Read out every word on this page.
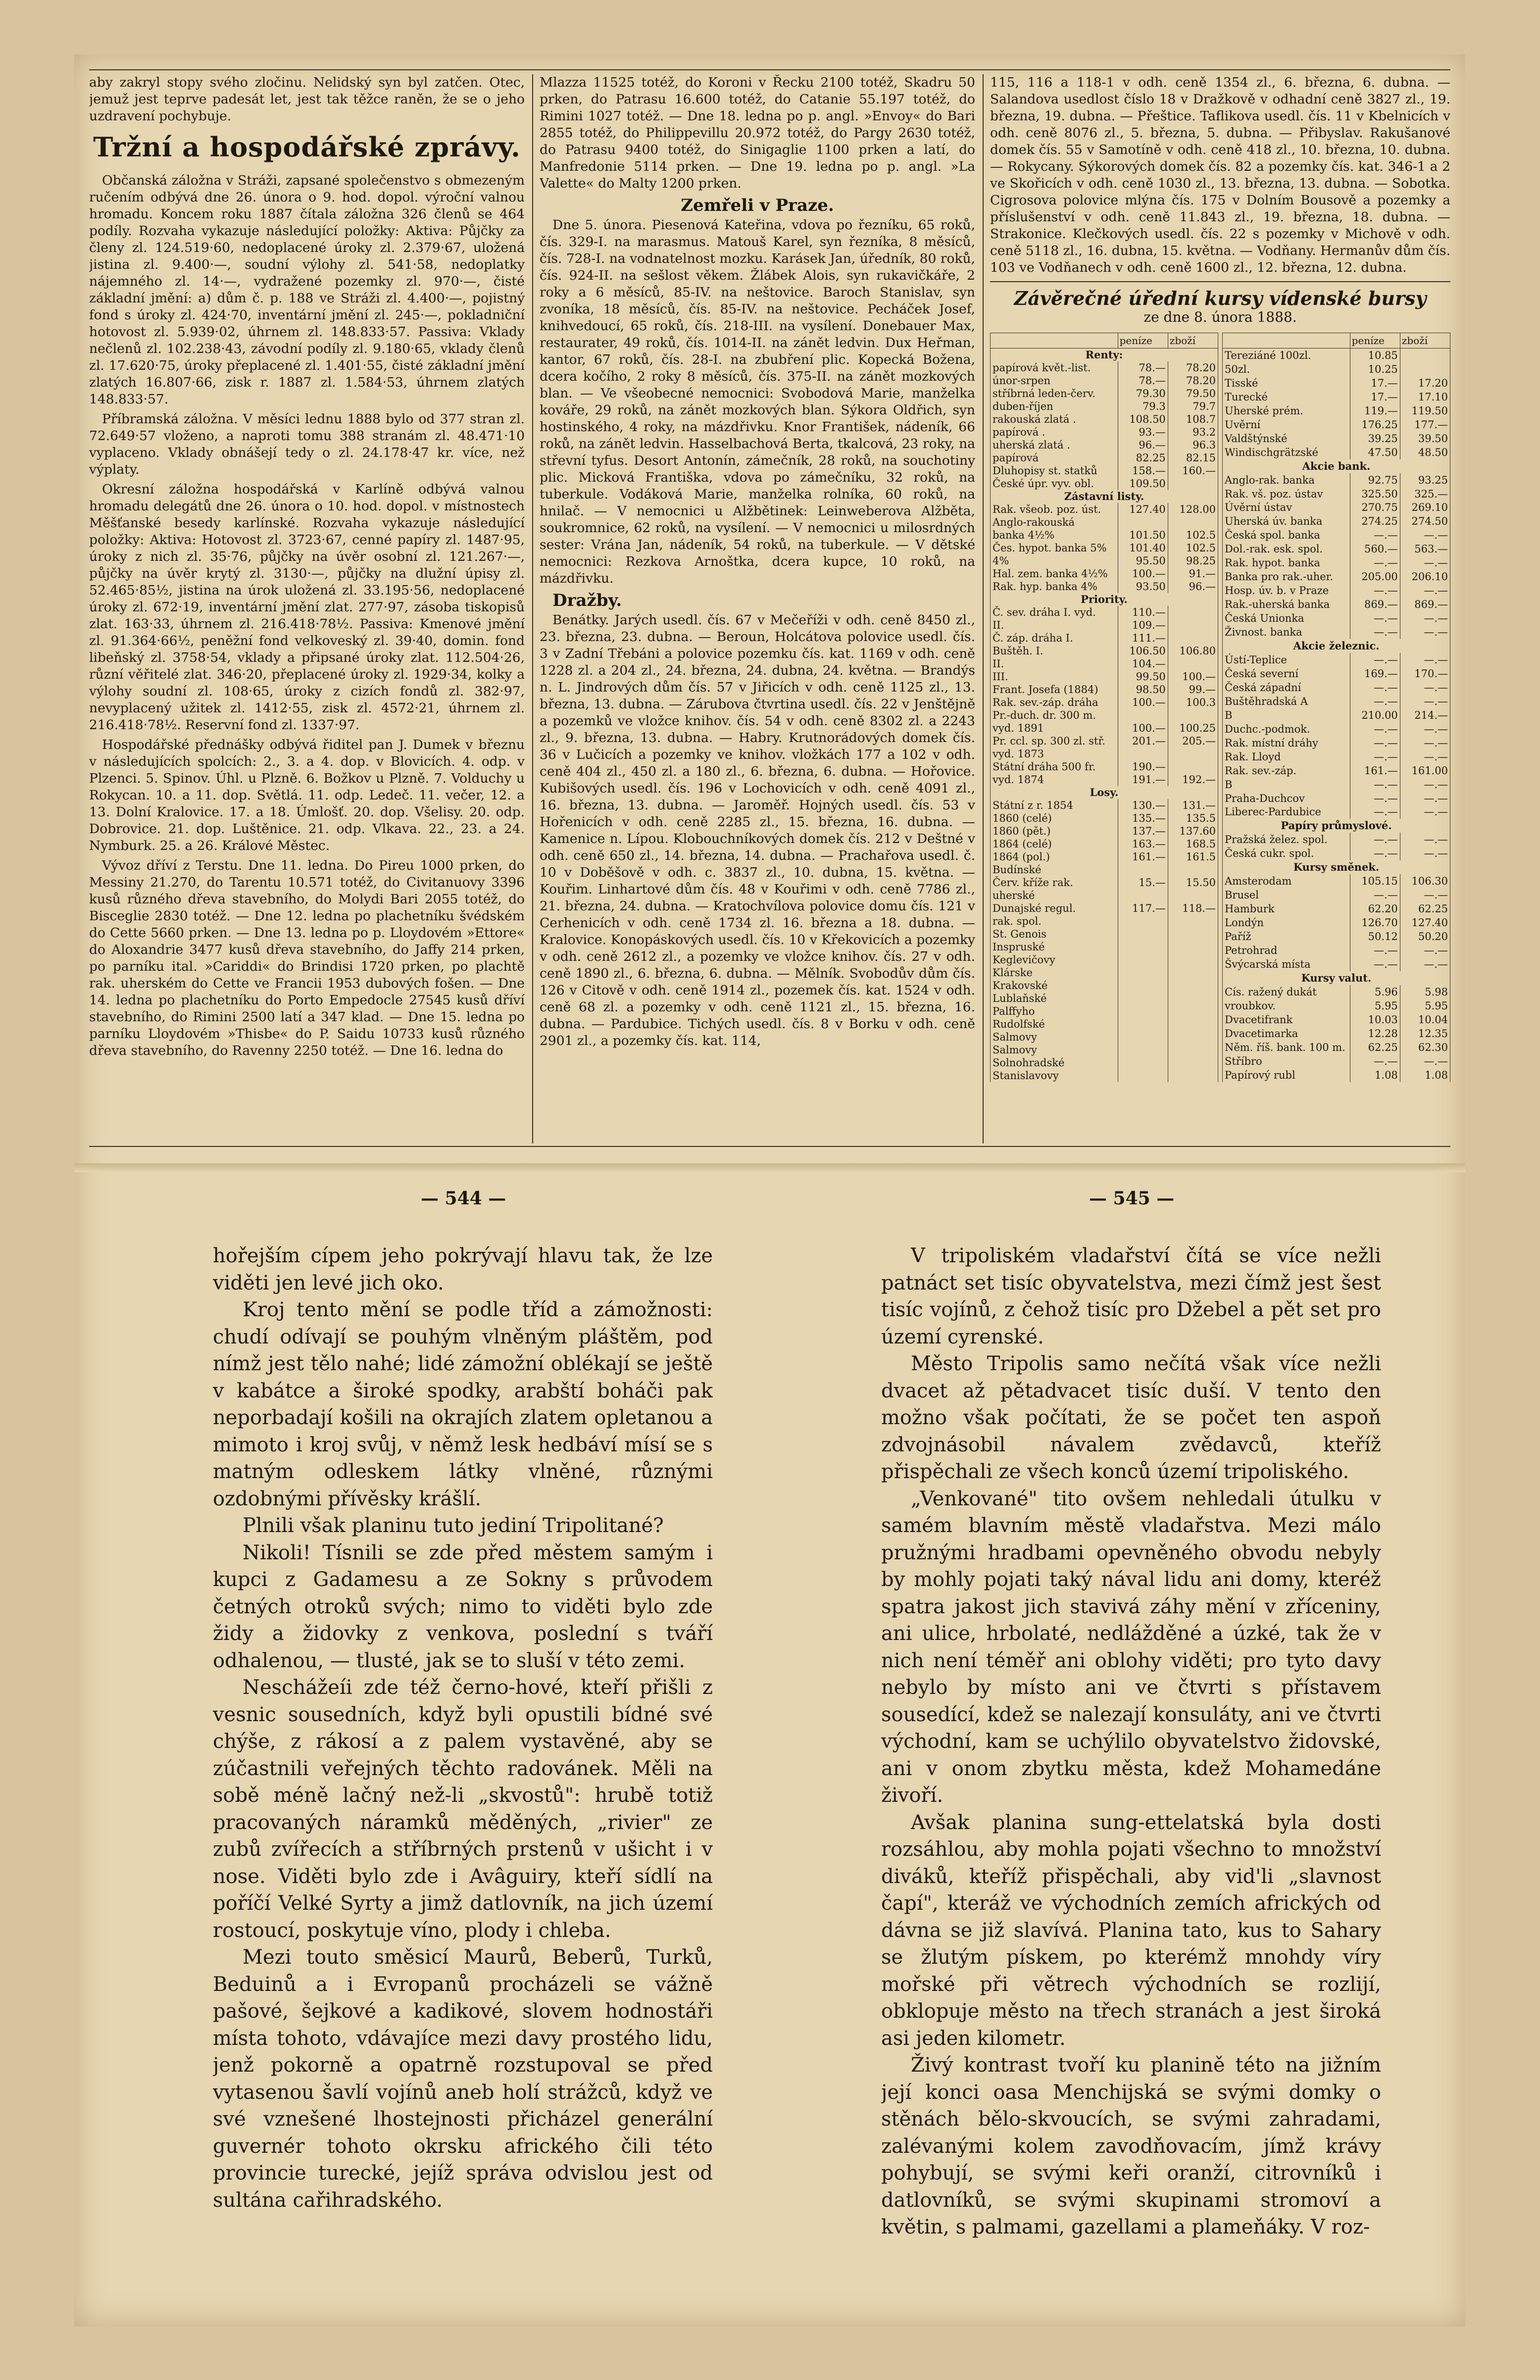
aby zakryl stopy svého zločinu. Nelidský syn byl zatčen. Otec, jemuž jest teprve padesát let, jest tak těžce raněn, že se o jeho uzdravení pochybuje.

Tržní a hospodářské zprávy.

Občanská záložna v Stráži, zapsané společenstvo s obmezeným ručením odbývá dne 26. února o 9. hod. dopol. výroční valnou hromadu. Koncem roku 1887 čítala záložna 326 členů se 464 podíly. Rozvaha vykazuje následující položky: Aktiva: Půjčky za členy zl. 124.519·60, nedoplacené úroky zl. 2.379·67, uložená jistina zl. 9.400·—, soudní výlohy zl. 541·58, nedoplatky nájemného zl. 14·—, vydražené pozemky zl. 970·—, čisté základní jmění: a) dům č. p. 188 ve Stráži zl. 4.400·—, pojistný fond s úroky zl. 424·70, inventární jmění zl. 245·—, pokladniční hotovost zl. 5.939·02, úhrnem zl. 148.833·57. Passiva: Vklady nečlenů zl. 102.238·43, závodní podíly zl. 9.180·65, vklady členů zl. 17.620·75, úroky přeplacené zl. 1.401·55, čisté základní jmění zlatých 16.807·66, zisk r. 1887 zl. 1.584·53, úhrnem zlatých 148.833·57.

Příbramská záložna. V měsíci lednu 1888 bylo od 377 stran zl. 72.649·57 vloženo, a naproti tomu 388 stranám zl. 48.471·10 vyplaceno. Vklady obnášejí tedy o zl. 24.178·47 kr. více, než výplaty.

Okresní záložna hospodářská v Karlíně odbývá valnou hromadu delegátů dne 26. února o 10. hod. dopol. v místnostech Měšťanské besedy karlínské. Rozvaha vykazuje následující položky: Aktiva: Hotovost zl. 3723·67, cenné papíry zl. 1487·95, úroky z nich zl. 35·76, půjčky na úvěr osobní zl. 121.267·—, půjčky na úvěr krytý zl. 3130·—, půjčky na dlužní úpisy zl. 52.465·85½, jistina na úrok uložená zl. 33.195·56, nedoplacené úroky zl. 672·19, inventární jmění zlat. 277·97, zásoba tiskopisů zlat. 163·33, úhrnem zl. 216.418·78½. Passiva: Kmenové jmění zl. 91.364·66½, peněžní fond velkoveský zl. 39·40, domin. fond libeňský zl. 3758·54, vklady a připsané úroky zlat. 112.504·26, různí věřitelé zlat. 346·20, přeplacené úroky zl. 1929·34, kolky a výlohy soudní zl. 108·65, úroky z cizích fondů zl. 382·97, nevyplacený užitek zl. 1412·55, zisk zl. 4572·21, úhrnem zl. 216.418·78½. Reservní fond zl. 1337·97.

Hospodářské přednášky odbývá řiditel pan J. Dumek v březnu v následujících spolcích: 2., 3. a 4. dop. v Blovicích. 4. odp. v Plzenci. 5. Spinov. Úhl. u Plzně. 6. Božkov u Plzně. 7. Volduchy u Rokycan. 10. a 11. dop. Světlá. 11. odp. Ledeč. 11. večer, 12. a 13. Dolní Kralovice. 17. a 18. Úmlošť. 20. dop. Všelisy. 20. odp. Dobrovice. 21. dop. Luštěnice. 21. odp. Vlkava. 22., 23. a 24. Nymburk. 25. a 26. Králové Městec.

Vývoz dříví z Terstu. Dne 11. ledna. Do Pireu 1000 prken, do Messiny 21.270, do Tarentu 10.571 totéž, do Civitanuovy 3396 kusů různého dřeva stavebního, do Molydi Bari 2055 totéž, do Bisceglie 2830 totéž. — Dne 12. ledna po plachetníku švédském do Cette 5660 prken. — Dne 13. ledna po p. Lloydovém »Ettore« do Aloxandrie 3477 kusů dřeva stavebního, do Jaffy 214 prken, po parníku ital. »Cariddi« do Brindisi 1720 prken, po plachtě rak. uherském do Cette ve Francii 1953 dubových fošen. — Dne 14. ledna po plachetníku do Porto Empedocle 27545 kusů dříví stavebního, do Rimini 2500 latí a 347 klad. — Dne 15. ledna po parníku Lloydovém »Thisbe« do P. Saidu 10733 kusů různého dřeva stavebního, do Ravenny 2250 totéž. — Dne 16. ledna do

Mlazza 11525 totéž, do Koroni v Řecku 2100 totéž, Skadru 50 prken, do Patrasu 16.600 totéž, do Catanie 55.197 totéž, do Rimini 1027 totéž. — Dne 18. ledna po p. angl. »Envoy« do Bari 2855 totéž, do Philippevillu 20.972 totéž, do Pargy 2630 totéž, do Patrasu 9400 totéž, do Sinigaglie 1100 prken a latí, do Manfredonie 5114 prken. — Dne 19. ledna po p. angl. »La Valette« do Malty 1200 prken.

Zemřeli v Praze.

Dne 5. února. Piesenová Kateřina, vdova po řezníku, 65 roků, čís. 329-I. na marasmus. Matouš Karel, syn řezníka, 8 měsíců, čís. 728-I. na vodnatelnost mozku. Karásek Jan, úředník, 80 roků, čís. 924-II. na sešlost věkem. Žlábek Alois, syn rukavičkáře, 2 roky a 6 měsíců, 85-IV. na neštovice. Baroch Stanislav, syn zvoníka, 18 měsíců, čís. 85-IV. na neštovice. Pecháček Josef, knihvedoucí, 65 roků, čís. 218-III. na vysílení. Donebauer Max, restaurater, 49 roků, čís. 1014-II. na zánět ledvin. Dux Heřman, kantor, 67 roků, čís. 28-I. na zbubření plic. Kopecká Božena, dcera kočího, 2 roky 8 měsíců, čís. 375-II. na zánět mozkových blan. — Ve všeobecné nemocnici: Svobodová Marie, manželka kováře, 29 roků, na zánět mozkových blan. Sýkora Oldřich, syn hostinského, 4 roky, na mázdřivku. Knor František, nádeník, 66 roků, na zánět ledvin. Hasselbachová Berta, tkalcová, 23 roky, na střevní tyfus. Desort Antonín, zámečník, 28 roků, na souchotiny plic. Micková Františka, vdova po zámečníku, 32 roků, na tuberkule. Vodáková Marie, manželka rolníka, 60 roků, na hnilač. — V nemocnici u Alžbětinek: Leinweberova Alžběta, soukromnice, 62 roků, na vysílení. — V nemocnici u milosrdných sester: Vrána Jan, nádeník, 54 roků, na tuberkule. — V dětské nemocnici: Rezkova Arnoštka, dcera kupce, 10 roků, na mázdřivku.

Dražby.

Benátky. Jarých usedl. čís. 67 v Mečeříži v odh. ceně 8450 zl., 23. března, 23. dubna. — Beroun, Holcátova polovice usedl. čís. 3 v Zadní Třebáni a polovice pozemku čís. kat. 1169 v odh. ceně 1228 zl. a 204 zl., 24. března, 24. dubna, 24. května. — Brandýs n. L. Jindrových dům čís. 57 v Jiřicích v odh. ceně 1125 zl., 13. března, 13. dubna. — Zárubova čtvrtina usedl. čís. 22 v Jenštějně a pozemků ve vložce knihov. čís. 54 v odh. ceně 8302 zl. a 2243 zl., 9. března, 13. dubna. — Habry. Krutnorádových domek čís. 36 v Lučicích a pozemky ve knihov. vložkách 177 a 102 v odh. ceně 404 zl., 450 zl. a 180 zl., 6. března, 6. dubna. — Hořovice. Kubišových usedl. čís. 196 v Lochovicích v odh. ceně 4091 zl., 16. března, 13. dubna. — Jaroměř. Hojných usedl. čís. 53 v Hořenicích v odh. ceně 2285 zl., 15. března, 16. dubna. — Kamenice n. Lípou. Klobouchníkových domek čís. 212 v Deštné v odh. ceně 650 zl., 14. března, 14. dubna. — Prachařova usedl. č. 10 v Doběšově v odh. c. 3837 zl., 10. dubna, 15. května. — Kouřim. Linhartové dům čís. 48 v Kouřimi v odh. ceně 7786 zl., 21. března, 24. dubna. — Kratochvílova polovice domu čís. 121 v Cerhenicích v odh. ceně 1734 zl. 16. března a 18. dubna. — Kralovice. Konopáskových usedl. čís. 10 v Křekovicích a pozemky v odh. ceně 2612 zl., a pozemky ve vložce knihov. čís. 27 v odh. ceně 1890 zl., 6. března, 6. dubna. — Mělník. Svobodův dům čís. 126 v Citově v odh. ceně 1914 zl., pozemek čís. kat. 1524 v odh. ceně 68 zl. a pozemky v odh. ceně 1121 zl., 15. března, 16. dubna. — Pardubice. Tichých usedl. čís. 8 v Borku v odh. ceně 2901 zl., a pozemky čís. kat. 114,

115, 116 a 118-1 v odh. ceně 1354 zl., 6. března, 6. dubna. — Salandova usedlost číslo 18 v Dražkově v odhadní ceně 3827 zl., 19. března, 19. dubna. — Přeštice. Taflikova usedl. čís. 11 v Kbelnicích v odh. ceně 8076 zl., 5. března, 5. dubna. — Přibyslav. Rakušanové domek čís. 55 v Samotíně v odh. ceně 418 zl., 10. března, 10. dubna. — Rokycany. Sýkorových domek čís. 82 a pozemky čís. kat. 346-1 a 2 ve Skořicích v odh. ceně 1030 zl., 13. března, 13. dubna. — Sobotka. Cigrosova polovice mlýna čís. 175 v Dolním Bousově a pozemky a příslušenství v odh. ceně 11.843 zl., 19. března, 18. dubna. — Strakonice. Klečkových usedl. čís. 22 s pozemky v Michově v odh. ceně 5118 zl., 16. dubna, 15. května. — Vodňany. Hermanův dům čís. 103 ve Vodňanech v odh. ceně 1600 zl., 12. března, 12. dubna.

Závěrečné úřední kursy vídenské bursy
ze dne 8. února 1888.
	peníze	zboží
Renty:		
papírová květ.-list.	78.—	78.20
únor-srpen	78.—	78.20
stříbrná leden-červ.	79.30	79.50
duben-říjen	79.3	79.7
rakouská zlatá .	108.50	108.7
papírová .	93.—	93.2
uherská zlatá .	96.—	96.3
papírová	82.25	82.15
Dluhopisy st. statků	158.—	160.—
České úpr. vyv. obl.	109.50	
Zástavní listy.		
Rak. všeob. poz. úst.	127.40	128.00
Anglo-rakouská		
banka 4½%	101.50	102.5
Čes. hypot. banka 5%	101.40	102.5
4%	95.50	98.25
Hal. zem. banka 4½%	100.—	91.—
Rak. hyp. banka 4%	93.50	96.—
Priority.		
Č. sev. dráha I. vyd.	110.—	
II.	109.—	
Č. záp. dráha I.	111.—	
Buštěh. I.	106.50	106.80
II.	104.—	
III.	99.50	100.—
Frant. Josefa (1884)	98.50	99.—
Rak. sev.-záp. dráha	100.—	100.3
Pr.-duch. dr. 300 m.		
vyd. 1891	100.—	100.25
Pr. ccl. sp. 300 zl. stř.	201.—	205.—
vyd. 1873		
Státní dráha 500 fr.	190.—	
vyd. 1874	191.—	192.—
Losy.		
Státní z r. 1854	130.—	131.—
1860 (celé)	135.—	135.5
1860 (pět.)	137.—	137.60
1864 (celé)	163.—	168.5
1864 (pol.)	161.—	161.5
Budínské		
Červ. kříže rak.	15.—	15.50
uherské		
Dunajské regul.	117.—	118.—
rak. spol.		
St. Genois		
Inspruské		
Keglevičovy		
Klárske		
Krakovské		
Lublaňské		
Palffyho		
Rudolfské		
Salmovy		
Salmovy		
Solnohradské		
Stanislavovy		
	peníze	zboží
Tereziáné 100zl.	10.85	
50zl.	10.25	
Tisské	17.—	17.20
Turecké	17.—	17.10
Uherské prém.	119.—	119.50
Uvěrní	176.25	177.—
Valdštýnské	39.25	39.50
Windischgrätzské	47.50	48.50
Akcie bank.		
Anglo-rak. banka	92.75	93.25
Rak. vš. poz. ústav	325.50	325.—
Úvěrní ústav	270.75	269.10
Uherská úv. banka	274.25	274.50
Česká spol. banka	—.—	—.—
Dol.-rak. esk. spol.	560.—	563.—
Rak. hypot. banka	—.—	—.—
Banka pro rak.-uher.	205.00	206.10
Hosp. úv. b. v Praze	—.—	—.—
Rak.-uherská banka	869.—	869.—
Česká Unionka	—.—	—.—
Živnost. banka	—.—	—.—
Akcie železnic.		
Ústí-Teplice	—.—	—.—
Česká severní	169.—	170.—
Česká západní	—.—	—.—
Buštěhradská A	—.—	—.—
B	210.00	214.—
Duchc.-podmok.	—.—	—.—
Rak. místní dráhy	—.—	—.—
Rak. Lloyd	—.—	—.—
Rak. sev.-záp.	161.—	161.00
B	—.—	—.—
Praha-Duchcov	—.—	—.—
Liberec-Pardubice	—.—	—.—
Papíry průmyslové.		
Pražská želez. spol.	—.—	—.—
Česká cukr. spol.	—.—	—.—
Kursy směnek.		
Amsterodam	105.15	106.30
Brusel	—.—	—.—
Hamburk	62.20	62.25
Londýn	126.70	127.40
Paříž	50.12	50.20
Petrohrad	—.—	—.—
Švýcarská místa	—.—	—.—
Kursy valut.		
Cís. ražený dukát	5.96	5.98
vroubkov.	5.95	5.95
Dvacetifrank	10.03	10.04
Dvacetimarka	12.28	12.35
Něm. říš. bank. 100 m.	62.25	62.30
Stříbro	—.—	—.—
Papírový rubl	1.08	1.08
— 544 —	— 545 —

hořejším cípem jeho pokrývají hlavu tak, že lze viděti jen levé jich oko.

Kroj tento mění se podle tříd a zámožnosti: chudí odívají se pouhým vlněným pláštěm, pod nímž jest tělo nahé; lidé zámožní oblékají se ještě v kabátce a široké spodky, arabští boháči pak neporbadají košili na okrajích zlatem opletanou a mimoto i kroj svůj, v němž lesk hedbáví mísí se s matným odleskem látky vlněné, různými ozdobnými přívěsky krášlí.

Plnili však planinu tuto jediní Tripolitané?

Nikoli! Tísnili se zde před městem samým i kupci z Gadamesu a ze Sokny s průvodem četných otroků svých; nimo to viděti bylo zde židy a židovky z venkova, poslední s tváří odhalenou, — tlusté, jak se to sluší v této zemi.

Neschážeíi zde též černo-hové, kteří přišli z vesnic sousedních, když byli opustili bídné své chýše, z rákosí a z palem vystavěné, aby se zúčastnili veřejných těchto radovánek. Měli na sobě méně lačný než-li „skvostů": hrubě totiž pracovaných náramků měděných, „rivier" ze zubů zvířecích a stříbrných prstenů v ušicht i v nose. Viděti bylo zde i Avâguiry, kteří sídlí na poříčí Velké Syrty a jimž datlovník, na jich území rostoucí, poskytuje víno, plody i chleba.

Mezi touto směsicí Maurů, Beberů, Turků, Beduinů a i Evropanů procházeli se vážně pašové, šejkové a kadikové, slovem hodnostáři místa tohoto, vdávajíce mezi davy prostého lidu, jenž pokorně a opatrně rozstupoval se před vytasenou šavlí vojínů aneb holí strážců, když ve své vznešené lhostejnosti přicházel generální guvernér tohoto okrsku afrického čili této provincie turecké, jejíž správa odvislou jest od sultána cařihradského.

V tripoliském vladařství čítá se více nežli patnáct set tisíc obyvatelstva, mezi čímž jest šest tisíc vojínů, z čehož tisíc pro Džebel a pět set pro území cyrenské.

Město Tripolis samo nečítá však více nežli dvacet až pětadvacet tisíc duší. V tento den možno však počítati, že se počet ten aspoň zdvojnásobil návalem zvědavců, kteříž přispěchali ze všech konců území tripoliského.

„Venkované" tito ovšem nehledali útulku v samém blavním městě vladařstva. Mezi málo pružnými hradbami opevněného obvodu nebyly by mohly pojati taký nával lidu ani domy, kteréž spatra jakost jich stavivá záhy mění v zříceniny, ani ulice, hrbolaté, nedlážděné a úzké, tak že v nich není téměř ani oblohy viděti; pro tyto davy nebylo by místo ani ve čtvrti s přístavem sousedící, kdež se nalezají konsuláty, ani ve čtvrti východní, kam se uchýlilo obyvatelstvo židovské, ani v onom zbytku města, kdež Mohamedáne živoří.

Avšak planina sung-ettelatská byla dosti rozsáhlou, aby mohla pojati všechno to množství diváků, kteříž přispěchali, aby vid'li „slavnost čapí", kteráž ve východních zemích afrických od dávna se již slavívá. Planina tato, kus to Sahary se žlutým pískem, po kterémž mnohdy víry mořské při větrech východních se rozlijí, obklopuje město na třech stranách a jest široká asi jeden kilometr.

Živý kontrast tvoří ku planině této na jižním její konci oasa Menchijská se svými domky o stěnách bělo-skvoucích, se svými zahradami, zalévanými kolem zavodňovacím, jímž krávy pohybují, se svými keři oranží, citrovníků i datlovníků, se svými skupinami stromoví a květin, s palmami, gazellami a plameňáky. V roz-
